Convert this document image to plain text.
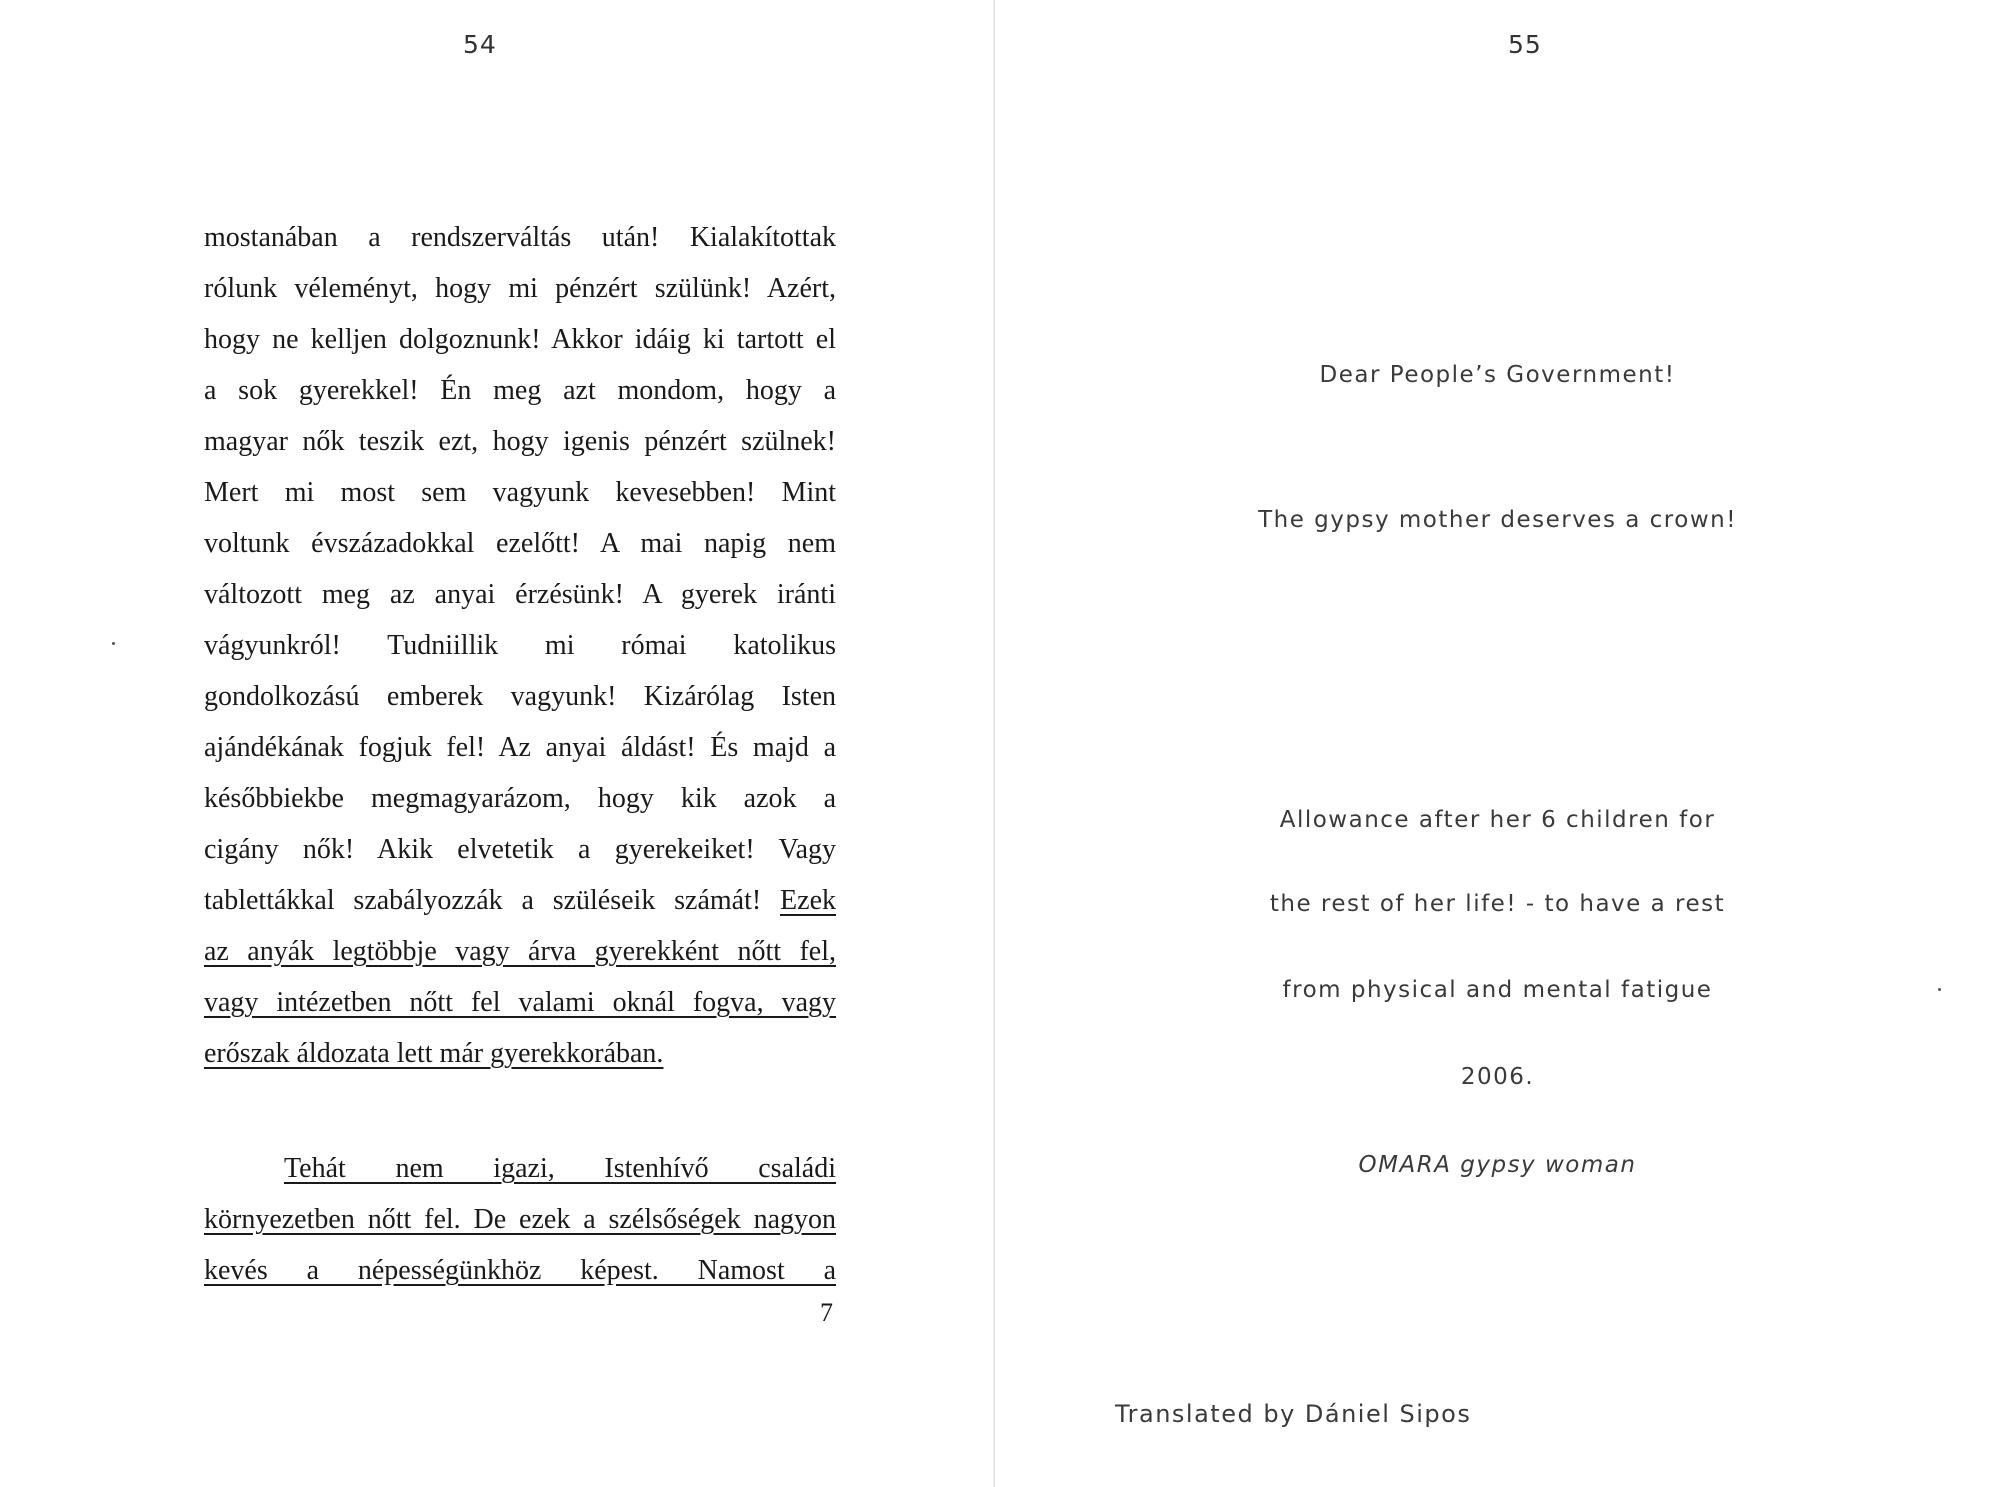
54
mostanában a rendszerváltás után! Kialakítottak
rólunk véleményt, hogy mi pénzért szülünk! Azért,
hogy ne kelljen dolgoznunk! Akkor idáig ki tartott el
a sok gyerekkel! Én meg azt mondom, hogy a
magyar nők teszik ezt, hogy igenis pénzért szülnek!
Mert mi most sem vagyunk kevesebben! Mint
voltunk évszázadokkal ezelőtt! A mai napig nem
változott meg az anyai érzésünk! A gyerek iránti
vágyunkról! Tudniillik mi római katolikus
gondolkozású emberek vagyunk! Kizárólag Isten
ajándékának fogjuk fel! Az anyai áldást! És majd a
későbbiekbe megmagyarázom, hogy kik azok a
cigány nők! Akik elvetetik a gyerekeiket! Vagy
tablettákkal szabályozzák a szüléseik számát! Ezek
az anyák legtöbbje vagy árva gyerekként nőtt fel,
vagy intézetben nőtt fel valami oknál fogva, vagy
erőszak áldozata lett már gyerekkorában.
Tehát nem igazi, Istenhívő családi
környezetben nőtt fel. De ezek a szélsőségek nagyon
kevés a népességünkhöz képest. Namost a
7
55
Dear People’s Government!
The gypsy mother deserves a crown!
Allowance after her 6 children for
the rest of her life! - to have a rest
from physical and mental fatigue
2006.
OMARA gypsy woman
Translated by Dániel Sipos
